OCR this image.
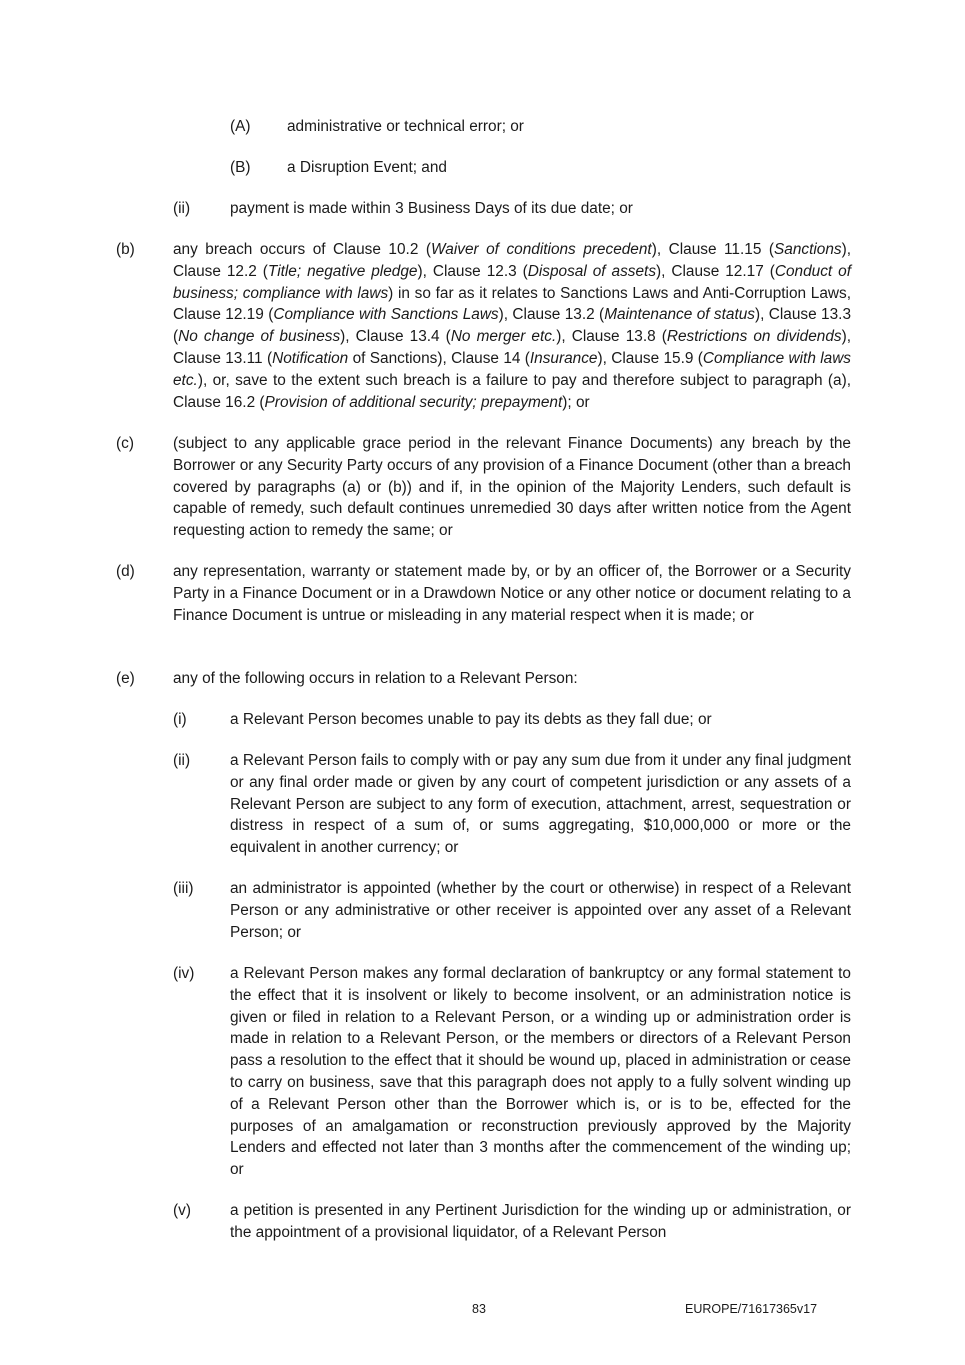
(A) administrative or technical error; or
(B) a Disruption Event; and
(ii)	payment is made within 3 Business Days of its due date; or
(b) any breach occurs of Clause 10.2 (Waiver of conditions precedent), Clause 11.15 (Sanctions), Clause 12.2 (Title; negative pledge), Clause 12.3 (Disposal of assets), Clause 12.17 (Conduct of business; compliance with laws) in so far as it relates to Sanctions Laws and Anti-Corruption Laws, Clause 12.19 (Compliance with Sanctions Laws), Clause 13.2 (Maintenance of status), Clause 13.3 (No change of business), Clause 13.4 (No merger etc.), Clause 13.8 (Restrictions on dividends), Clause 13.11 (Notification of Sanctions), Clause 14 (Insurance), Clause 15.9 (Compliance with laws etc.), or, save to the extent such breach is a failure to pay and therefore subject to paragraph (a), Clause 16.2 (Provision of additional security; prepayment); or
(c)	(subject to any applicable grace period in the relevant Finance Documents) any breach by the Borrower or any Security Party occurs of any provision of a Finance Document (other than a breach covered by paragraphs (a) or (b)) and if, in the opinion of the Majority Lenders, such default is capable of remedy, such default continues unremedied 30 days after written notice from the Agent requesting action to remedy the same; or
(d) any representation, warranty or statement made by, or by an officer of, the Borrower or a Security Party in a Finance Document or in a Drawdown Notice or any other notice or document relating to a Finance Document is untrue or misleading in any material respect when it is made; or
(e) any of the following occurs in relation to a Relevant Person:
(i)	a Relevant Person becomes unable to pay its debts as they fall due; or
(ii)	a Relevant Person fails to comply with or pay any sum due from it under any final judgment or any final order made or given by any court of competent jurisdiction or any assets of a Relevant Person are subject to any form of execution, attachment, arrest, sequestration or distress in respect of a sum of, or sums aggregating, $10,000,000 or more or the equivalent in another currency; or
(iii) an administrator is appointed (whether by the court or otherwise) in respect of a Relevant Person or any administrative or other receiver is appointed over any asset of a Relevant Person; or
(iv) a Relevant Person makes any formal declaration of bankruptcy or any formal statement to the effect that it is insolvent or likely to become insolvent, or an administration notice is given or filed in relation to a Relevant Person, or a winding up or administration order is made in relation to a Relevant Person, or the members or directors of a Relevant Person pass a resolution to the effect that it should be wound up, placed in administration or cease to carry on business, save that this paragraph does not apply to a fully solvent winding up of a Relevant Person other than the Borrower which is, or is to be, effected for the purposes of an amalgamation or reconstruction previously approved by the Majority Lenders and effected not later than 3 months after the commencement of the winding up; or
(v)	a petition is presented in any Pertinent Jurisdiction for the winding up or administration, or the appointment of a provisional liquidator, of a Relevant Person
83	EUROPE/71617365v17
